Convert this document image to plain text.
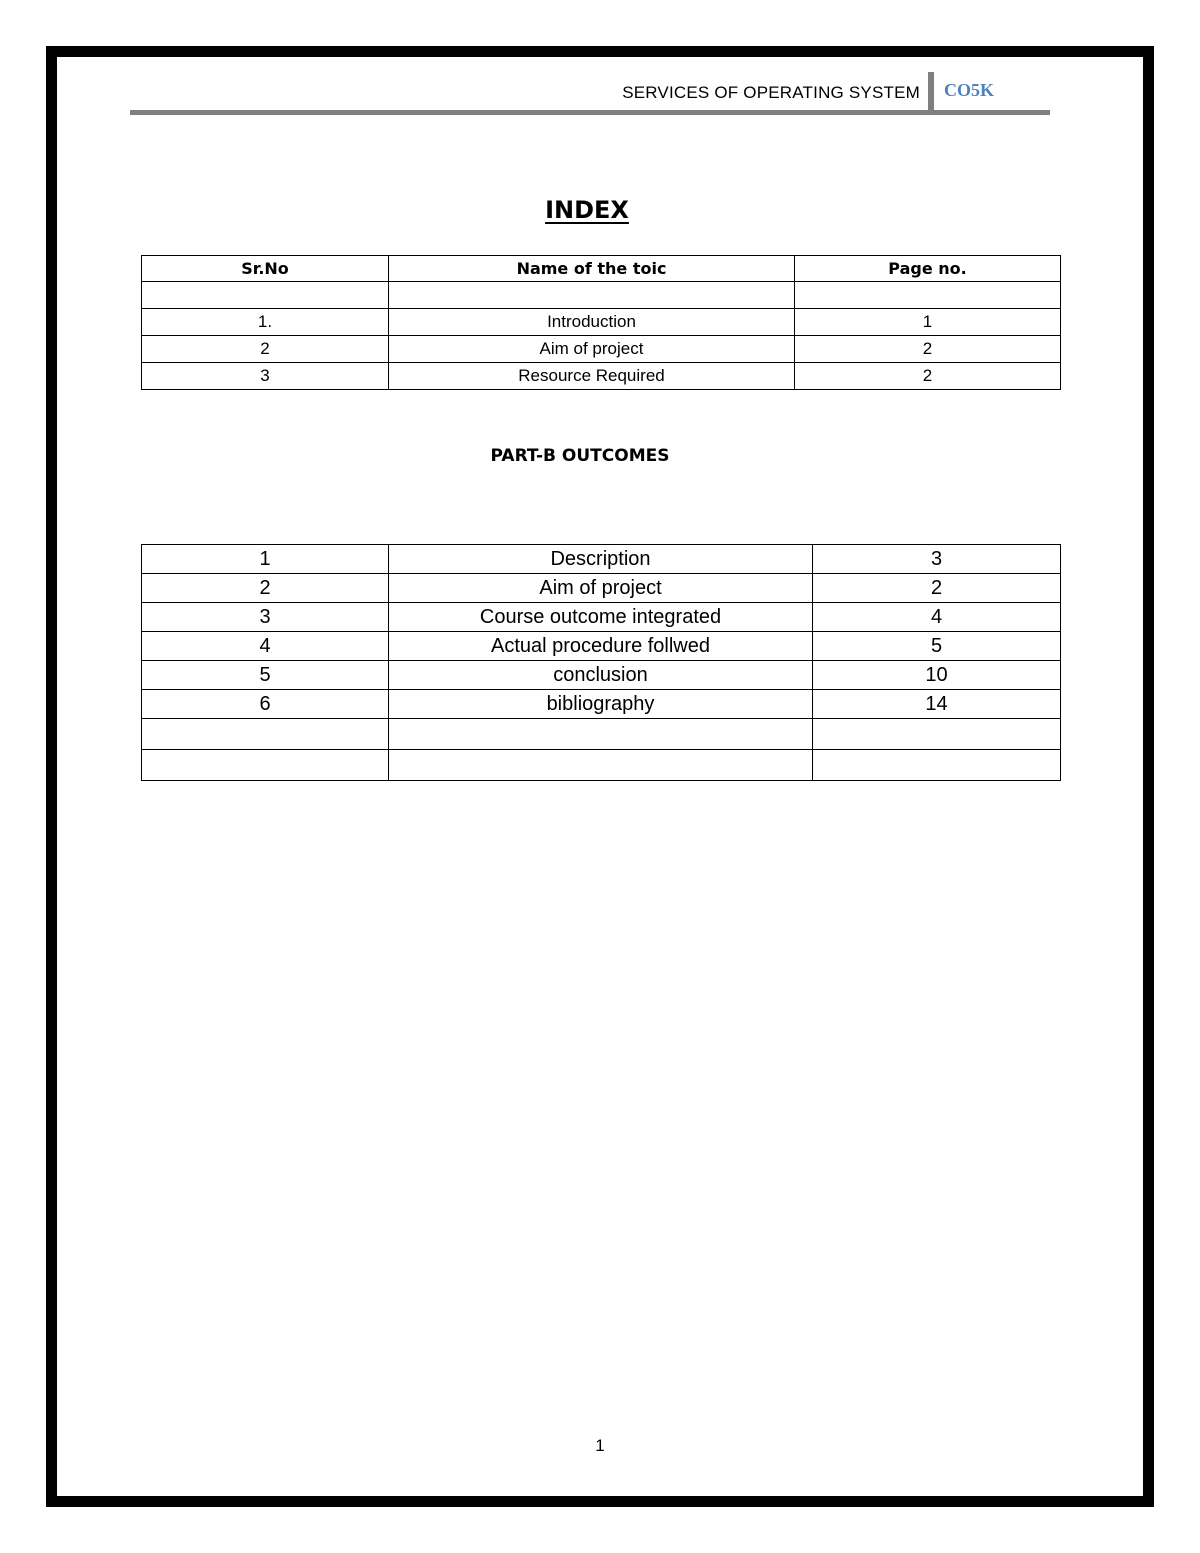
SERVICES OF OPERATING SYSTEM CO5K
INDEX
Sr.No	Name of the toic	Page no.

1.	Introduction	1
2	Aim of project	2
3	Resource Required	2
PART-B OUTCOMES
1	Description	3
2	Aim of project	2
3	Course outcome integrated	4
4	Actual procedure follwed	5
5	conclusion	10
6	bibliography	14

1
